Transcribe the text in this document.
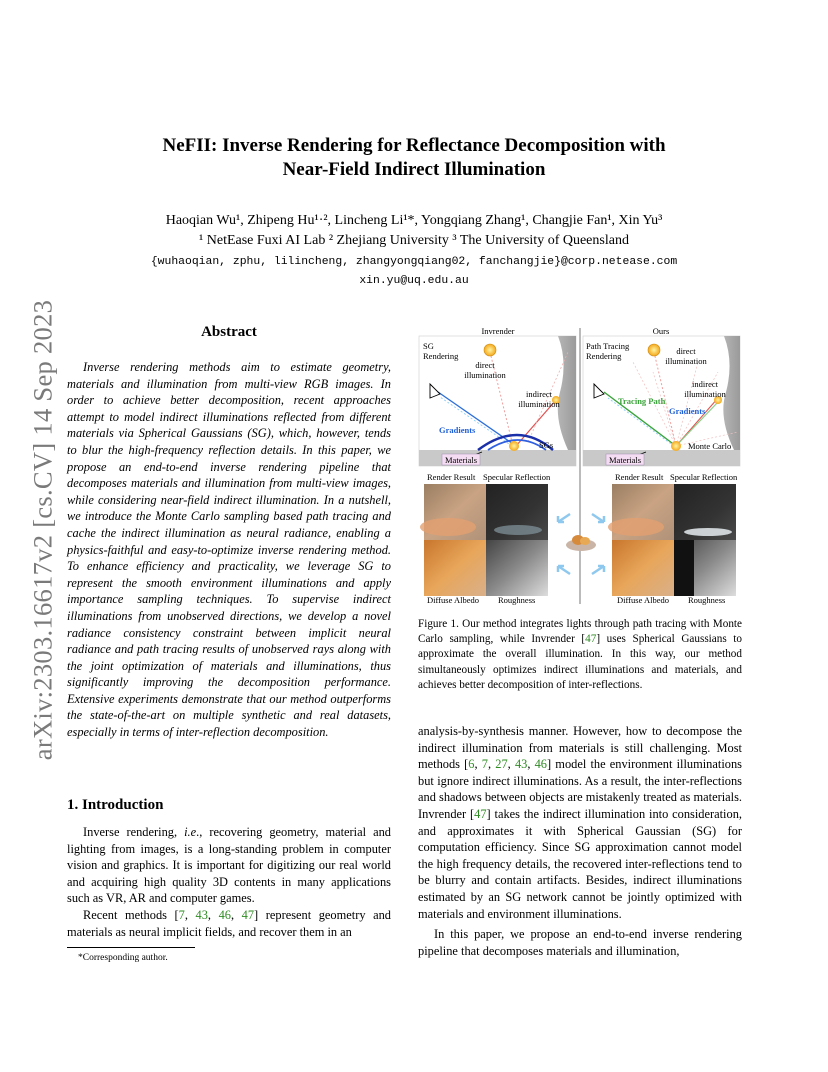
arXiv:2303.16617v2 [cs.CV] 14 Sep 2023
NeFII: Inverse Rendering for Reflectance Decomposition with
Near-Field Indirect Illumination
Haoqian Wu¹, Zhipeng Hu¹·², Lincheng Li¹*, Yongqiang Zhang¹, Changjie Fan¹, Xin Yu³
¹ NetEase Fuxi AI Lab ² Zhejiang University ³ The University of Queensland
{wuhaoqian, zphu, lilincheng, zhangyongqiang02, fanchangjie}@corp.netease.com
xin.yu@uq.edu.au
Abstract

Inverse rendering methods aim to estimate geometry, materials and illumination from multi-view RGB images. In order to achieve better decomposition, recent approaches attempt to model indirect illuminations reflected from different materials via Spherical Gaussians (SG), which, however, tends to blur the high-frequency reflection details. In this paper, we propose an end-to-end inverse rendering pipeline that decomposes materials and illumination from multi-view images, while considering near-field indirect illumination. In a nutshell, we introduce the Monte Carlo sampling based path tracing and cache the indirect illumination as neural radiance, enabling a physics-faithful and easy-to-optimize inverse rendering method. To enhance efficiency and practicality, we leverage SG to represent the smooth environment illuminations and apply importance sampling techniques. To supervise indirect illuminations from unobserved directions, we develop a novel radiance consistency constraint between implicit neural radiance and path tracing results of unobserved rays along with the joint optimization of materials and illuminations, thus significantly improving the decomposition performance. Extensive experiments demonstrate that our method outperforms the state-of-the-art on multiple synthetic and real datasets, especially in terms of inter-reflection decomposition.

1. Introduction

Inverse rendering, i.e., recovering geometry, material and lighting from images, is a long-standing problem in computer vision and graphics. It is important for digitizing our real world and acquiring high quality 3D contents in many applications such as VR, AR and computer games.

Recent methods [7, 43, 46, 47] represent geometry and materials as neural implicit fields, and recover them in an

*Corresponding author.
Invrender	Ours
SG
Rendering
Path Tracing
Rendering
direct
illumination
direct
illumination
indirect
illumination
indirect
illumination
Gradients
Gradients
Tracing Path
SGs	Monte Carlo
Materials	Materials
Render Result Specular Reflection	Render Result Specular Reflection
Diffuse Albedo Roughness	Diffuse Albedo Roughness
Figure 1. Our method integrates lights through path tracing with Monte Carlo sampling, while Invrender [47] uses Spherical Gaussians to approximate the overall illumination. In this way, our method simultaneously optimizes indirect illuminations and materials, and achieves better decomposition of inter-reflections.

analysis-by-synthesis manner. However, how to decompose the indirect illumination from materials is still challenging. Most methods [6, 7, 27, 43, 46] model the environment illuminations but ignore indirect illuminations. As a result, the inter-reflections and shadows between objects are mistakenly treated as materials. Invrender [47] takes the indirect illumination into consideration, and approximates it with Spherical Gaussian (SG) for computation efficiency. Since SG approximation cannot model the high frequency details, the recovered inter-reflections tend to be blurry and contain artifacts. Besides, indirect illuminations estimated by an SG network cannot be jointly optimized with materials and environment illuminations.

In this paper, we propose an end-to-end inverse rendering pipeline that decomposes materials and illumination,
